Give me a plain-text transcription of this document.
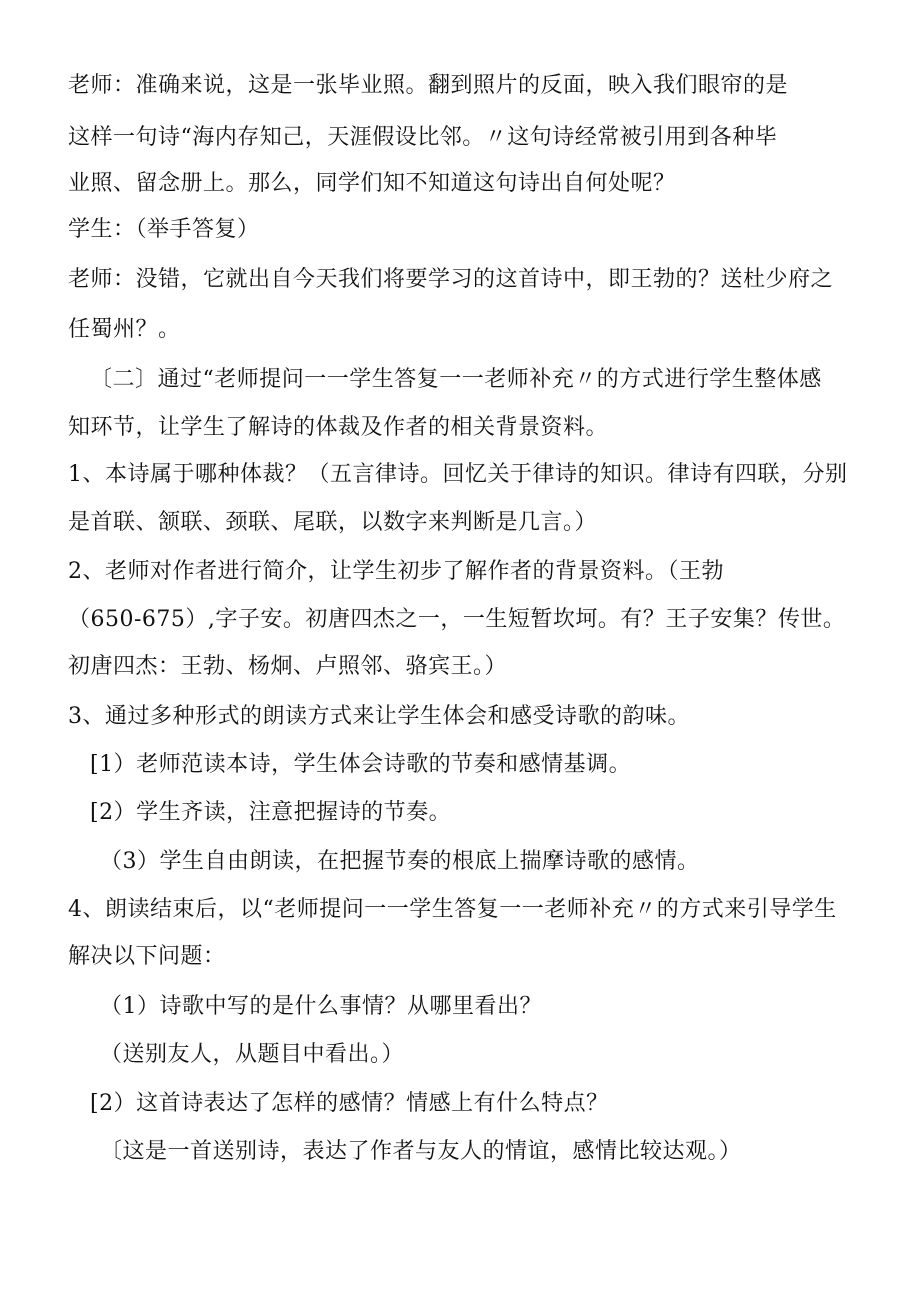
老师：准确来说，这是一张毕业照。翻到照片的反面，映入我们眼帘的是
这样一句诗“海内存知己，天涯假设比邻。〃这句诗经常被引用到各种毕
业照、留念册上。那么，同学们知不知道这句诗出自何处呢？
学生：（举手答复）
老师：没错，它就出自今天我们将要学习的这首诗中，即王勃的？送杜少府之
任蜀州？。
〔二〕通过“老师提问一一学生答复一一老师补充〃的方式进行学生整体感
知环节，让学生了解诗的体裁及作者的相关背景资料。
1、本诗属于哪种体裁？（五言律诗。回忆关于律诗的知识。律诗有四联，分别
是首联、颔联、颈联、尾联，以数字来判断是几言。）
2、老师对作者进行简介，让学生初步了解作者的背景资料。（王勃
（650-675）,字子安。初唐四杰之一，一生短暂坎坷。有？王子安集？传世。
初唐四杰：王勃、杨炯、卢照邻、骆宾王。）
3、通过多种形式的朗读方式来让学生体会和感受诗歌的韵味。
[1）老师范读本诗，学生体会诗歌的节奏和感情基调。
[2）学生齐读，注意把握诗的节奏。
（3）学生自由朗读，在把握节奏的根底上揣摩诗歌的感情。
4、朗读结束后，以“老师提问一一学生答复一一老师补充〃的方式来引导学生
解决以下问题：
（1）诗歌中写的是什么事情？从哪里看出？
（送别友人，从题目中看出。）
[2）这首诗表达了怎样的感情？情感上有什么特点？
〔这是一首送别诗，表达了作者与友人的情谊，感情比较达观。）
